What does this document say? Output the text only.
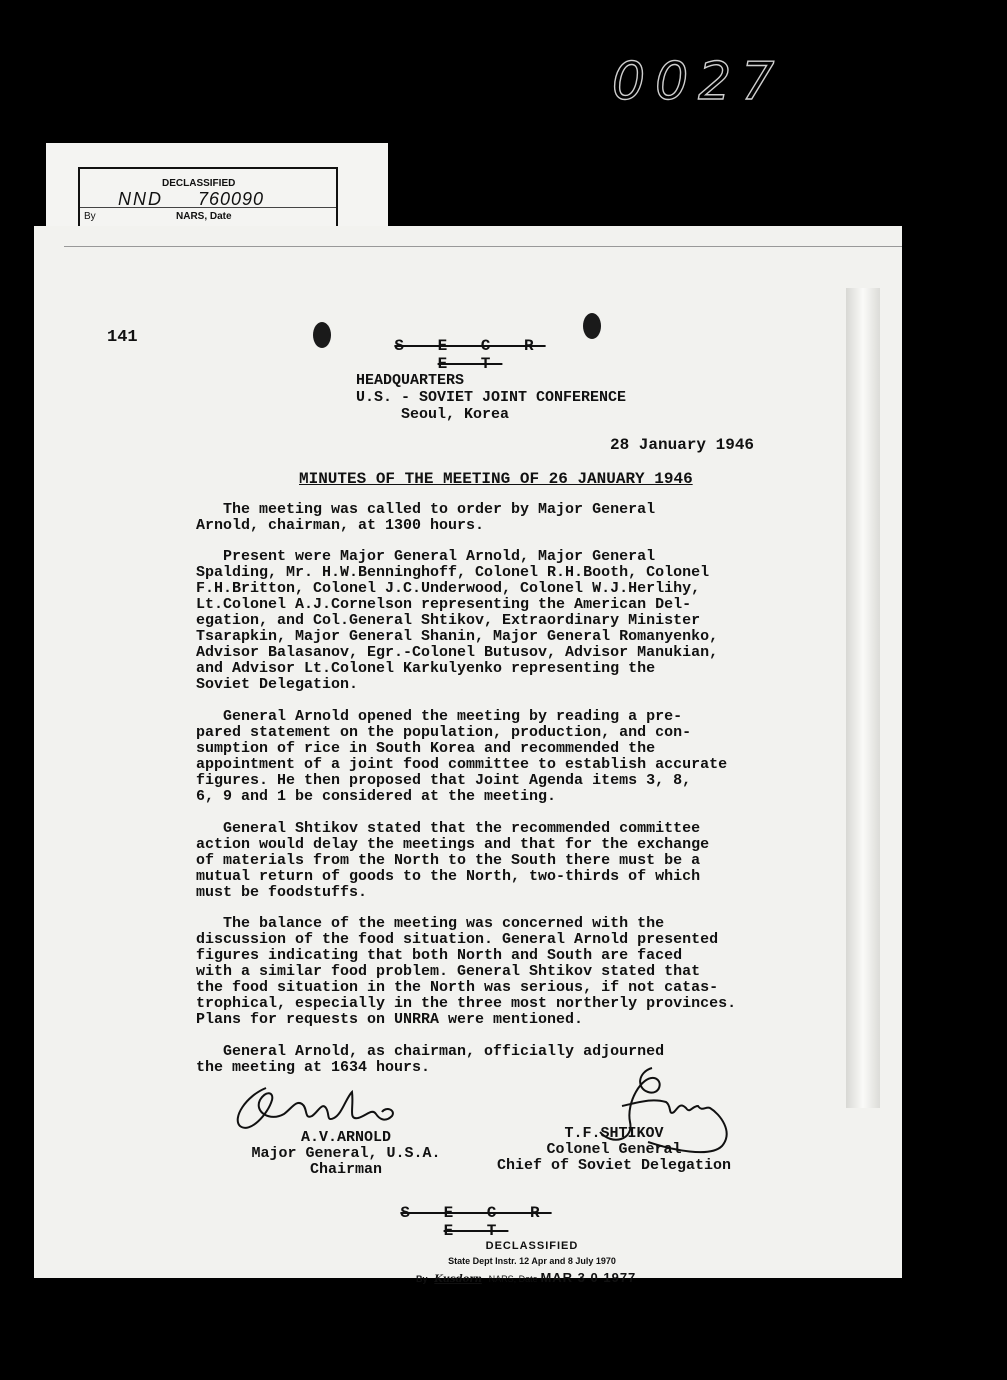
0027
DECLASSIFIED
NND 760090
By	NARS, Date
141	S E C R E T
HEADQUARTERS
U.S. - SOVIET JOINT CONFERENCE
Seoul, Korea
28 January 1946
MINUTES OF THE MEETING OF 26 JANUARY 1946
The meeting was called to order by Major General
Arnold, chairman, at 1300 hours.
Present were Major General Arnold, Major General
Spalding, Mr. H.W.Benninghoff, Colonel R.H.Booth, Colonel
F.H.Britton, Colonel J.C.Underwood, Colonel W.J.Herlihy,
Lt.Colonel A.J.Cornelson representing the American Del-
egation, and Col.General Shtikov, Extraordinary Minister
Tsarapkin, Major General Shanin, Major General Romanyenko,
Advisor Balasanov, Egr.-Colonel Butusov, Advisor Manukian,
and Advisor Lt.Colonel Karkulyenko representing the
Soviet Delegation.
General Arnold opened the meeting by reading a pre-
pared statement on the population, production, and con-
sumption of rice in South Korea and recommended the
appointment of a joint food committee to establish accurate
figures. He then proposed that Joint Agenda items 3, 8,
6, 9 and 1 be considered at the meeting.
General Shtikov stated that the recommended committee
action would delay the meetings and that for the exchange
of materials from the North to the South there must be a
mutual return of goods to the North, two-thirds of which
must be foodstuffs.
The balance of the meeting was concerned with the
discussion of the food situation. General Arnold presented
figures indicating that both North and South are faced
with a similar food problem. General Shtikov stated that
the food situation in the North was serious, if not catas-
trophical, especially in the three most northerly provinces.
Plans for requests on UNRRA were mentioned.
General Arnold, as chairman, officially adjourned
the meeting at 1634 hours.
A.V.ARNOLD
Major General, U.S.A.
Chairman
T.F.SHTIKOV
Colonel General
Chief of Soviet Delegation
S E C R E T
DECLASSIFIED
State Dept Instr. 12 Apr and 8 July 1970
By Kusdorn NARS, Date MAR 3 0 1977
